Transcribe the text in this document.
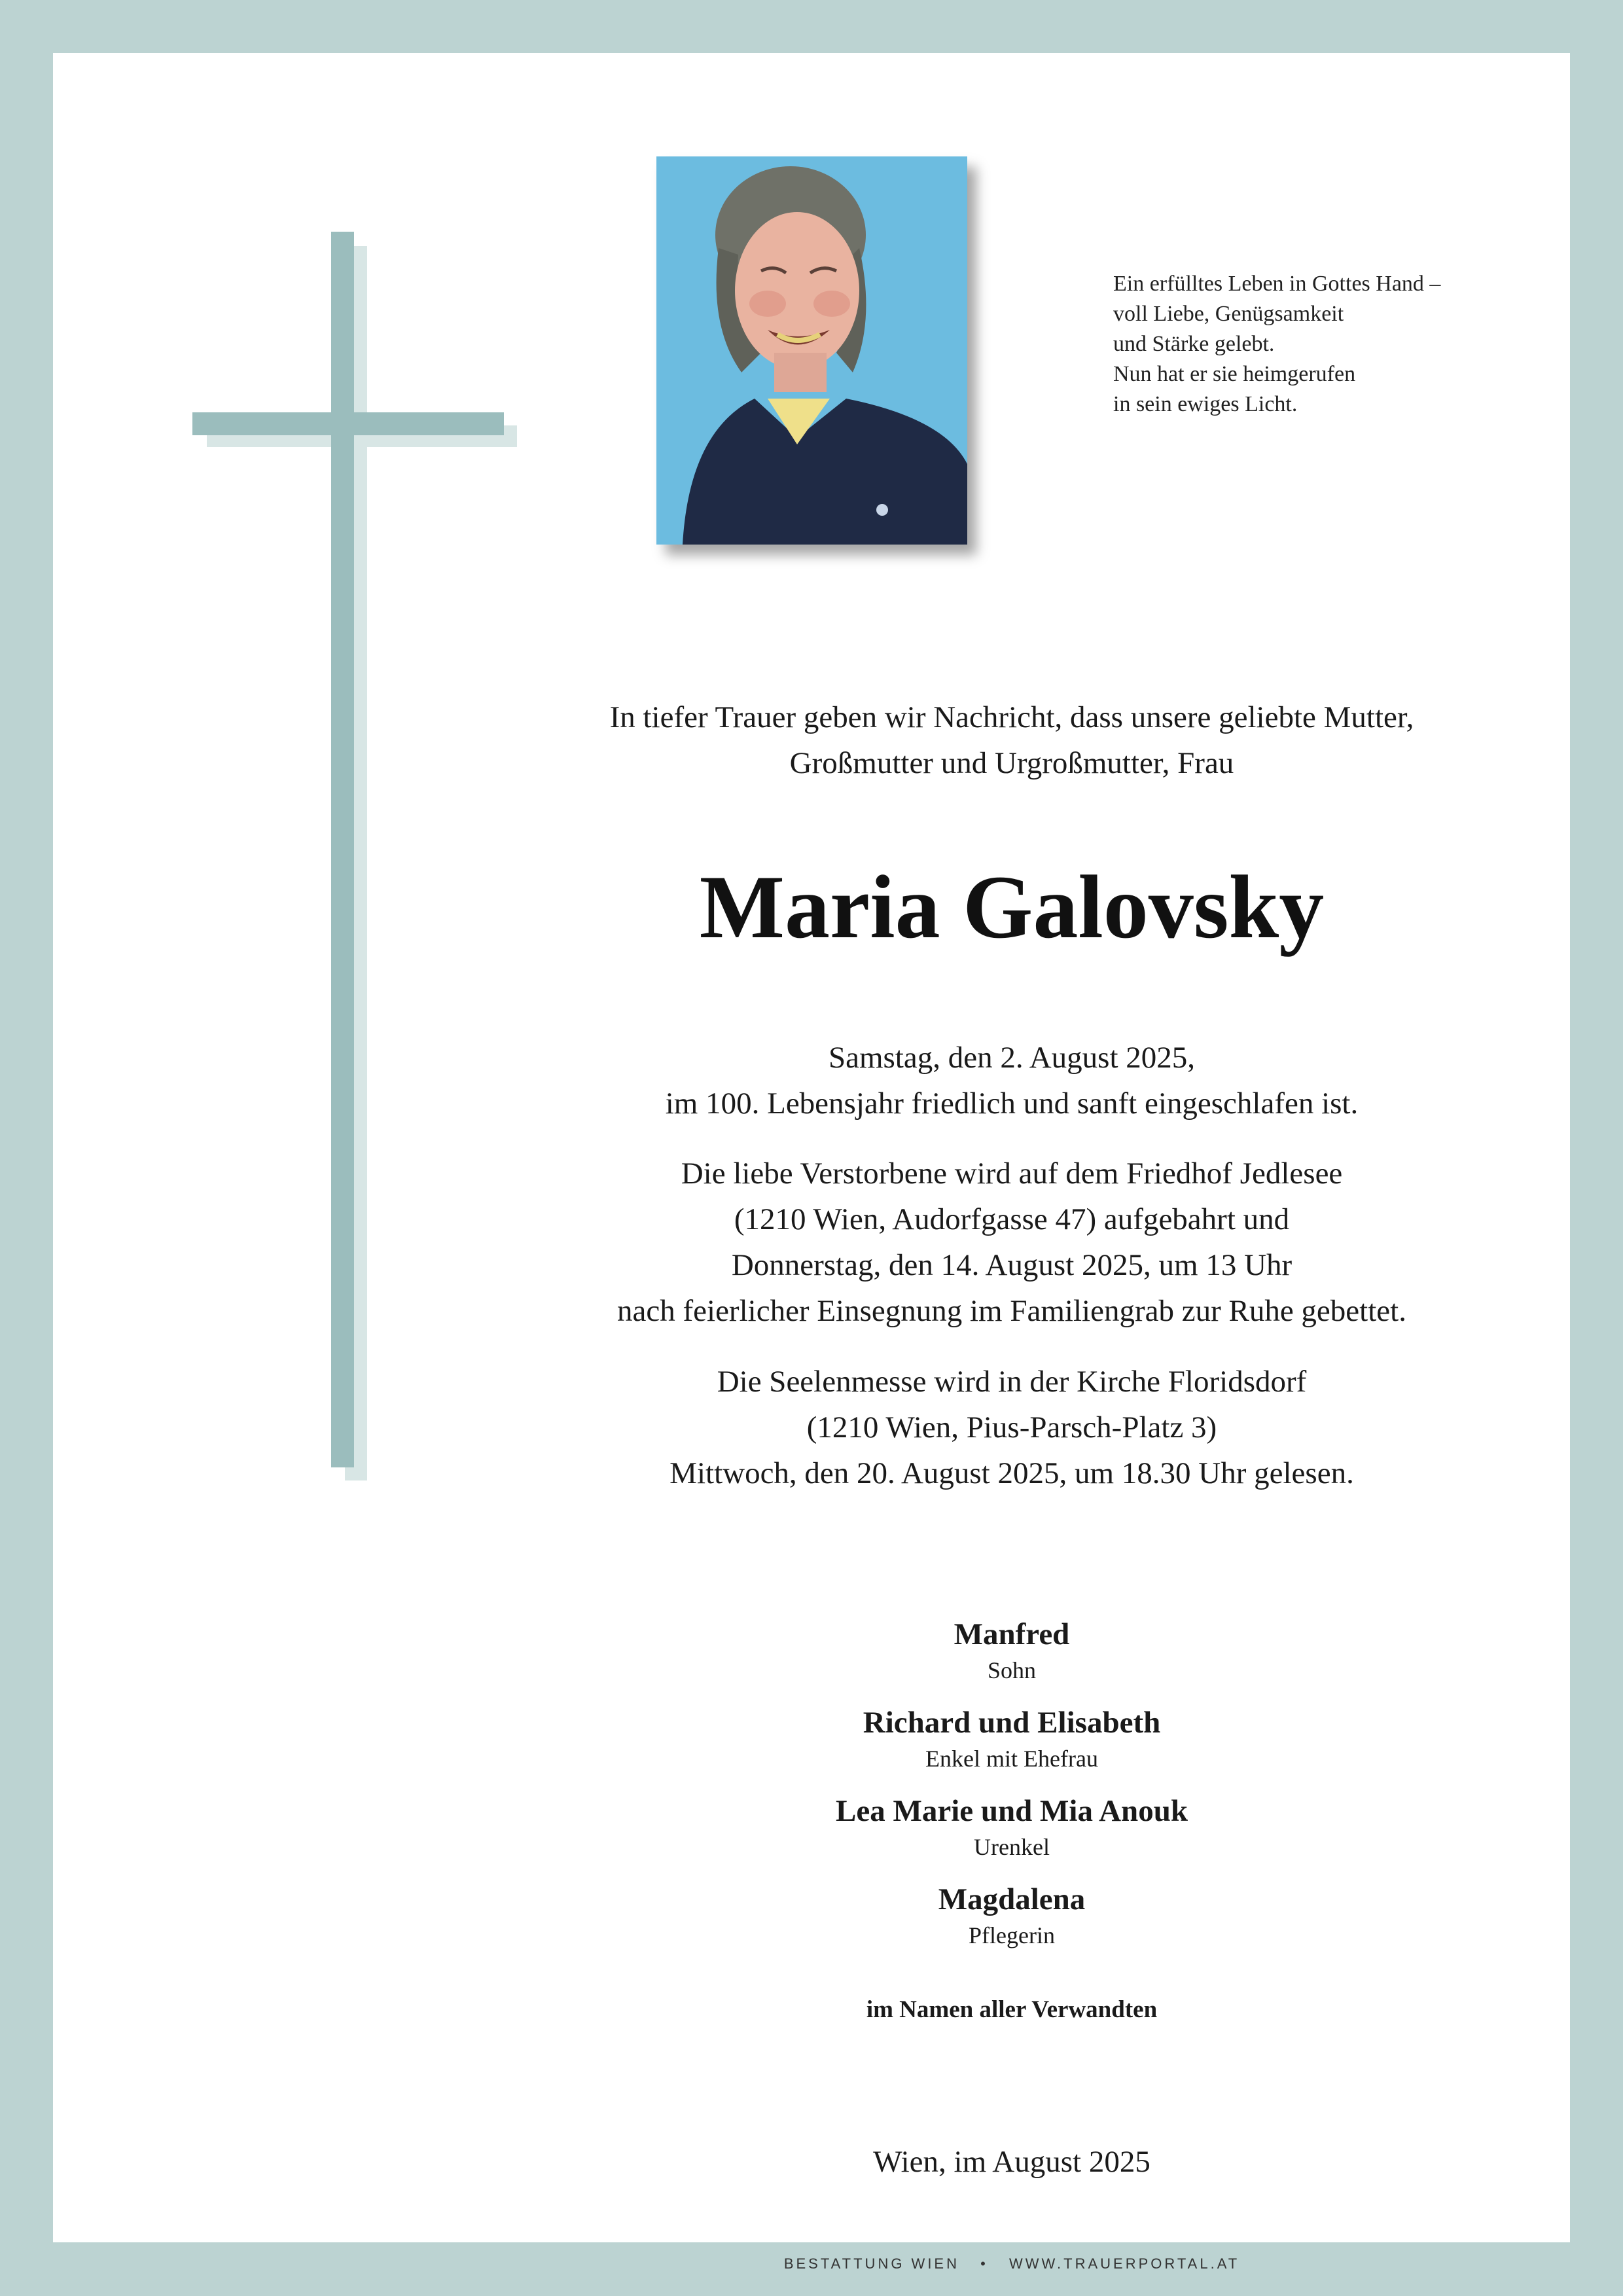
Ein erfülltes Leben in Gottes Hand –
voll Liebe, Genügsamkeit
und Stärke gelebt.
Nun hat er sie heimgerufen
in sein ewiges Licht.
In tiefer Trauer geben wir Nachricht, dass unsere geliebte Mutter,
Großmutter und Urgroßmutter, Frau
Maria Galovsky
Samstag, den 2. August 2025,
im 100. Lebensjahr friedlich und sanft eingeschlafen ist.
Die liebe Verstorbene wird auf dem Friedhof Jedlesee
(1210 Wien, Audorfgasse 47) aufgebahrt und
Donnerstag, den 14. August 2025, um 13 Uhr
nach feierlicher Einsegnung im Familiengrab zur Ruhe gebettet.
Die Seelenmesse wird in der Kirche Floridsdorf
(1210 Wien, Pius-Parsch-Platz 3)
Mittwoch, den 20. August 2025, um 18.30 Uhr gelesen.
Manfred
Sohn
Richard und Elisabeth
Enkel mit Ehefrau
Lea Marie und Mia Anouk
Urenkel
Magdalena
Pflegerin
im Namen aller Verwandten
Wien, im August 2025
BESTATTUNG WIEN • WWW.TRAUERPORTAL.AT
